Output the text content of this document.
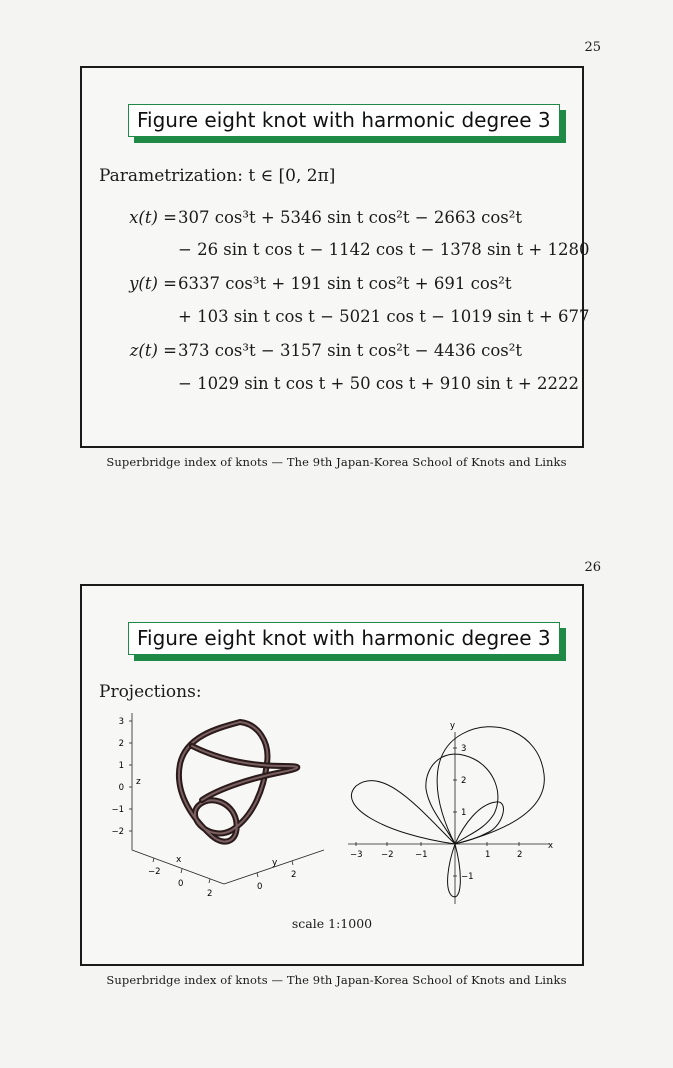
25
Figure eight knot with harmonic degree 3
Parametrization: t ∈ [0, 2π]
x(t) = 307 cos³t + 5346 sin t cos²t − 2663 cos²t
− 26 sin t cos t − 1142 cos t − 1378 sin t + 1280
y(t) = 6337 cos³t + 191 sin t cos²t + 691 cos²t
+ 103 sin t cos t − 5021 cos t − 1019 sin t + 677
z(t) = 373 cos³t − 3157 sin t cos²t − 4436 cos²t
− 1029 sin t cos t + 50 cos t + 910 sin t + 2222
Superbridge index of knots — The 9th Japan-Korea School of Knots and Links
26
Figure eight knot with harmonic degree 3
Projections:
3
2
1
0
−1
−2
z
−2
0
2
x
0
2
y
x
y
−3 −2	−1	1	2
3
2
1
−1
scale 1:1000
Superbridge index of knots — The 9th Japan-Korea School of Knots and Links
